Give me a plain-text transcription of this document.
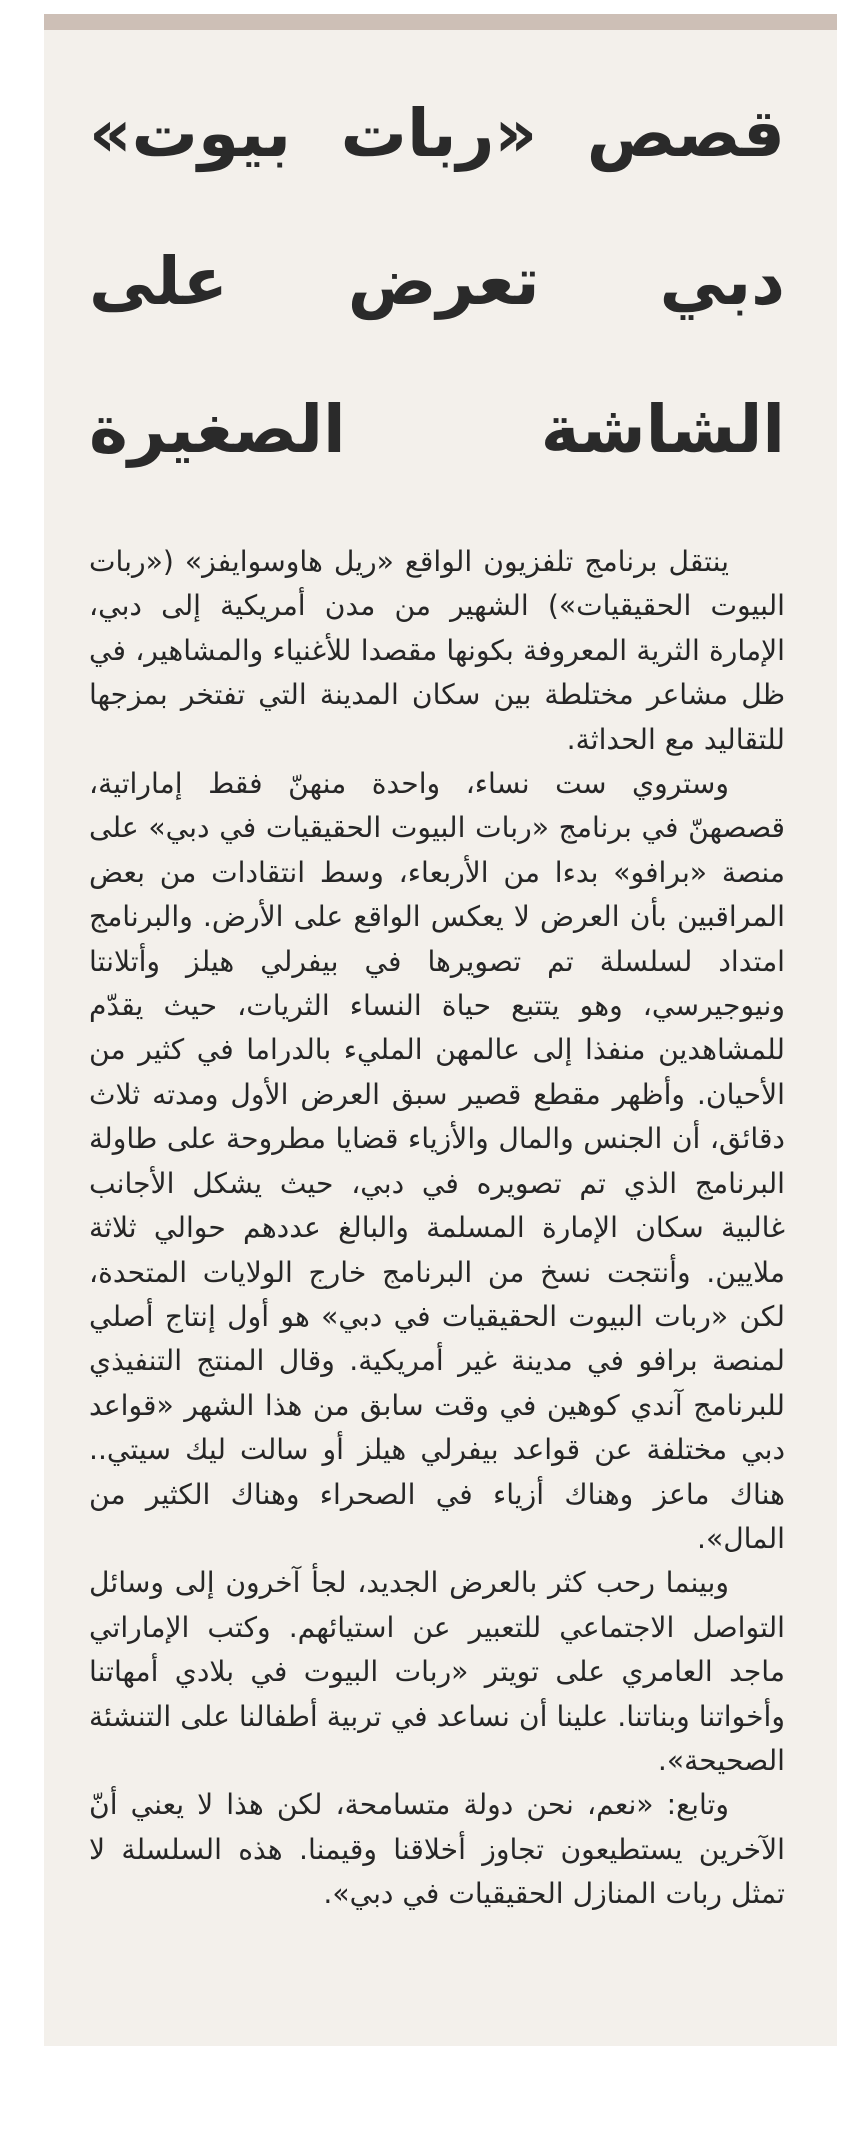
قصص «ربات بيوت» دبي تعرض على الشاشة الصغيرة

ينتقل برنامج تلفزيون الواقع «ريل هاوسوايفز» («ربات البيوت الحقيقيات») الشهير من مدن أمريكية إلى دبي، الإمارة الثرية المعروفة بكونها مقصدا للأغنياء والمشاهير، في ظل مشاعر مختلطة بين سكان المدينة التي تفتخر بمزجها للتقاليد مع الحداثة.

وستروي ست نساء، واحدة منهنّ فقط إماراتية، قصصهنّ في برنامج «ربات البيوت الحقيقيات في دبي» على منصة «برافو» بدءا من الأربعاء، وسط انتقادات من بعض المراقبين بأن العرض لا يعكس الواقع على الأرض. والبرنامج امتداد لسلسلة تم تصويرها في بيفرلي هيلز وأتلانتا ونيوجيرسي، وهو يتتبع حياة النساء الثريات، حيث يقدّم للمشاهدين منفذا إلى عالمهن المليء بالدراما في كثير من الأحيان. وأظهر مقطع قصير سبق العرض الأول ومدته ثلاث دقائق، أن الجنس والمال والأزياء قضايا مطروحة على طاولة البرنامج الذي تم تصويره في دبي، حيث يشكل الأجانب غالبية سكان الإمارة المسلمة والبالغ عددهم حوالي ثلاثة ملايين. وأنتجت نسخ من البرنامج خارج الولايات المتحدة، لكن «ربات البيوت الحقيقيات في دبي» هو أول إنتاج أصلي لمنصة برافو في مدينة غير أمريكية. وقال المنتج التنفيذي للبرنامج آندي كوهين في وقت سابق من هذا الشهر «قواعد دبي مختلفة عن قواعد بيفرلي هيلز أو سالت ليك سيتي.. هناك ماعز وهناك أزياء في الصحراء وهناك الكثير من المال».

وبينما رحب كثر بالعرض الجديد، لجأ آخرون إلى وسائل التواصل الاجتماعي للتعبير عن استيائهم. وكتب الإماراتي ماجد العامري على تويتر «ربات البيوت في بلادي أمهاتنا وأخواتنا وبناتنا. علينا أن نساعد في تربية أطفالنا على التنشئة الصحيحة».

وتابع: «نعم، نحن دولة متسامحة، لكن هذا لا يعني أنّ الآخرين يستطيعون تجاوز أخلاقنا وقيمنا. هذه السلسلة لا تمثل ربات المنازل الحقيقيات في دبي».
